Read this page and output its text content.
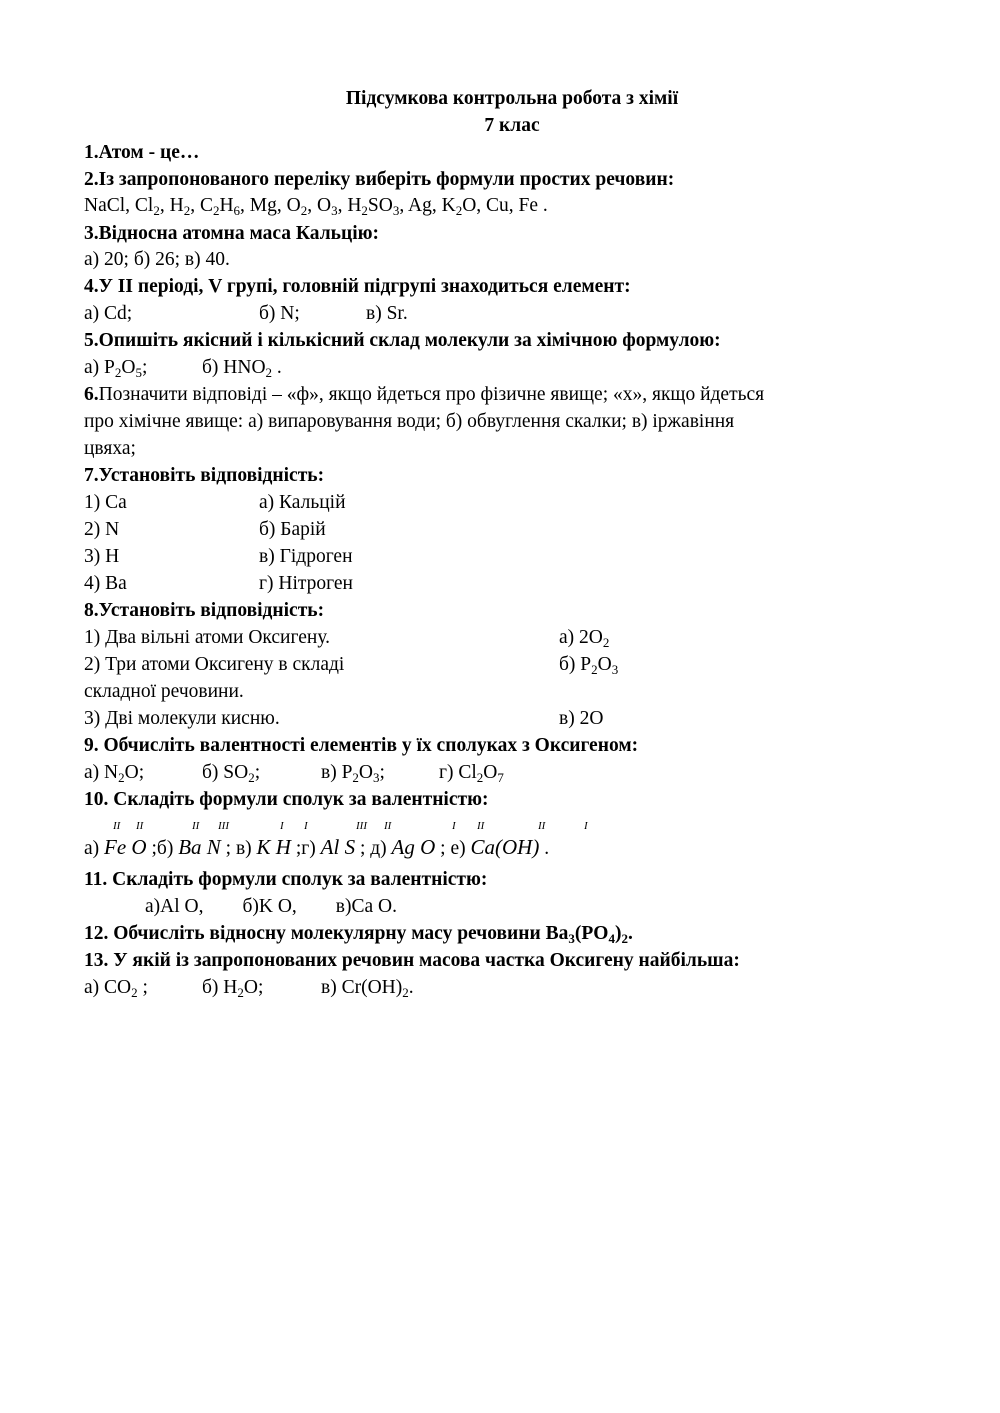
Підсумкова контрольна робота з хімії
7 клас
1.Атом - це…
2.Із запропонованого переліку виберіть формули простих речовин:
NaCl, $Cl_2$, $H_2$, $C_2H_6$, Mg, $O_2$, $O_3$, $H_2SO_3$, Ag, $K_2O$, Cu, Fe .
3.Відносна атомна маса Кальцію:
а) 20; б) 26; в) 40.
4.У ІІ періоді, V групі, головній підгрупі знаходиться елемент:
а) Cd;	б) N;	в) Sr.
5.Опишіть якісний і кількісний склад молекули за хімічною формулою:
а) $P_2O_5$;	б) $HNO_2$ .
6.Позначити відповіді – «ф», якщо йдеться про фізичне явище; «х», якщо йдеться
про хімічне явище: а) випаровування води; б) обвуглення скалки; в) іржавіння
цвяха;
7.Установіть відповідність:
1) Ca	а) Кальцій
2) N	б) Барій
3) H	в) Гідроген
4) Ba	г) Нітроген
8.Установіть відповідність:
1) Два вільні атоми Оксигену.	а) $2O_2$
2) Три атоми Оксигену в складі	б) $P_2O_3$
складної речовини.
3) Дві молекули кисню.	в) 2O
9. Обчисліть валентності елементів у їх сполуках з Оксигеном:
а) $N_2O$;	б) $SO_2$;	в) $P_2O_3$;	г) $Cl_2O_7$
10. Складіть формули сполук за валентністю:
II II	II III	I I	III II	I II	II	I
а) Fe O ;б) Ba N ; в) K H ;г) Al S ; д) Ag O ; е) Ca(OH) .
11. Складіть формули сполук за валентністю:
а)Al O,        б)K O,        в)Ca O.
12. Обчисліть відносну молекулярну масу речовини $Ba_3(PO_4)_2$.
13. У якій із запропонованих речовин масова частка Оксигену найбільша:
а) $CO_2$ ;	б) $H_2O$;	в) $Cr(OH)_2$.
